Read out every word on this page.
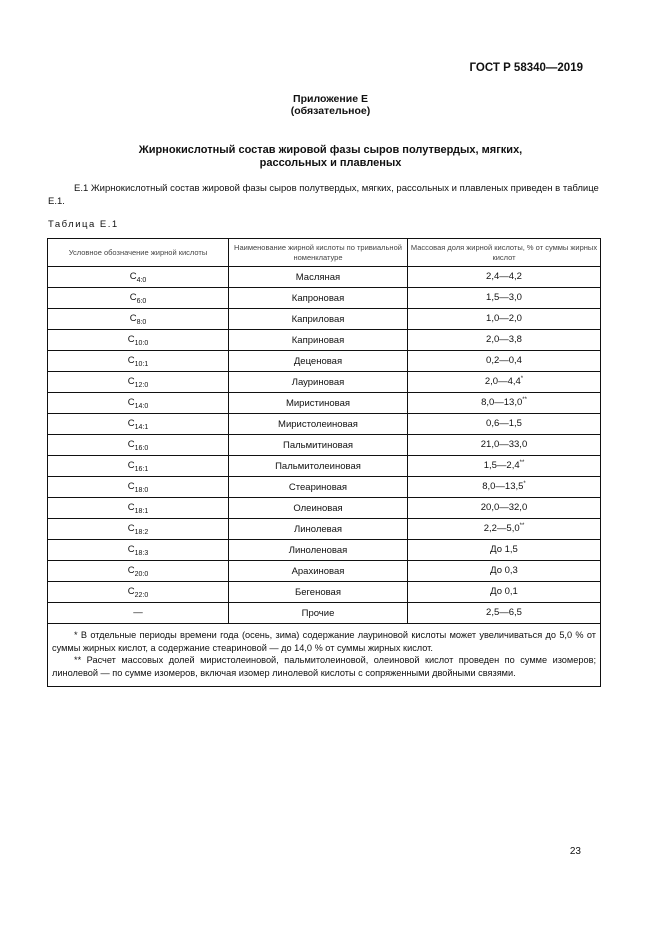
ГОСТ Р 58340—2019
Приложение Е
(обязательное)
Жирнокислотный состав жировой фазы сыров полутвердых, мягких,
рассольных и плавленых
Е.1 Жирнокислотный состав жировой фазы сыров полутвердых, мягких, рассольных и плавленых приведен в таблице Е.1.
Таблица Е.1
Условное обозначение жирной кислоты	Наименование жирной кислоты по тривиальной номенклатуре	Массовая доля жирной кислоты, % от суммы жирных кислот
$C_{4:0}$	Масляная	2,4—4,2
$C_{6:0}$	Капроновая	1,5—3,0
$C_{8:0}$	Каприловая	1,0—2,0
$C_{10:0}$	Каприновая	2,0—3,8
$C_{10:1}$	Деценовая	0,2—0,4
$C_{12:0}$	Лауриновая	2,0—4,4*
$C_{14:0}$	Миристиновая	8,0—13,0**
$C_{14:1}$	Миристолеиновая	0,6—1,5
$C_{16:0}$	Пальмитиновая	21,0—33,0
$C_{16:1}$	Пальмитолеиновая	1,5—2,4**
$C_{18:0}$	Стеариновая	8,0—13,5*
$C_{18:1}$	Олеиновая	20,0—32,0
$C_{18:2}$	Линолевая	2,2—5,0**
$C_{18:3}$	Линоленовая	До 1,5
$C_{20:0}$	Арахиновая	До 0,3
$C_{22:0}$	Бегеновая	До 0,1
—	Прочие	2,5—6,5

* В отдельные периоды времени года (осень, зима) содержание лауриновой кислоты может увеличиваться до 5,0 % от суммы жирных кислот, а содержание стеариновой — до 14,0 % от суммы жирных кислот.
** Расчет массовых долей миристолеиновой, пальмитолеиновой, олеиновой кислот проведен по сумме изомеров; линолевой — по сумме изомеров, включая изомер линолевой кислоты с сопряженными двойными связями.		
23
